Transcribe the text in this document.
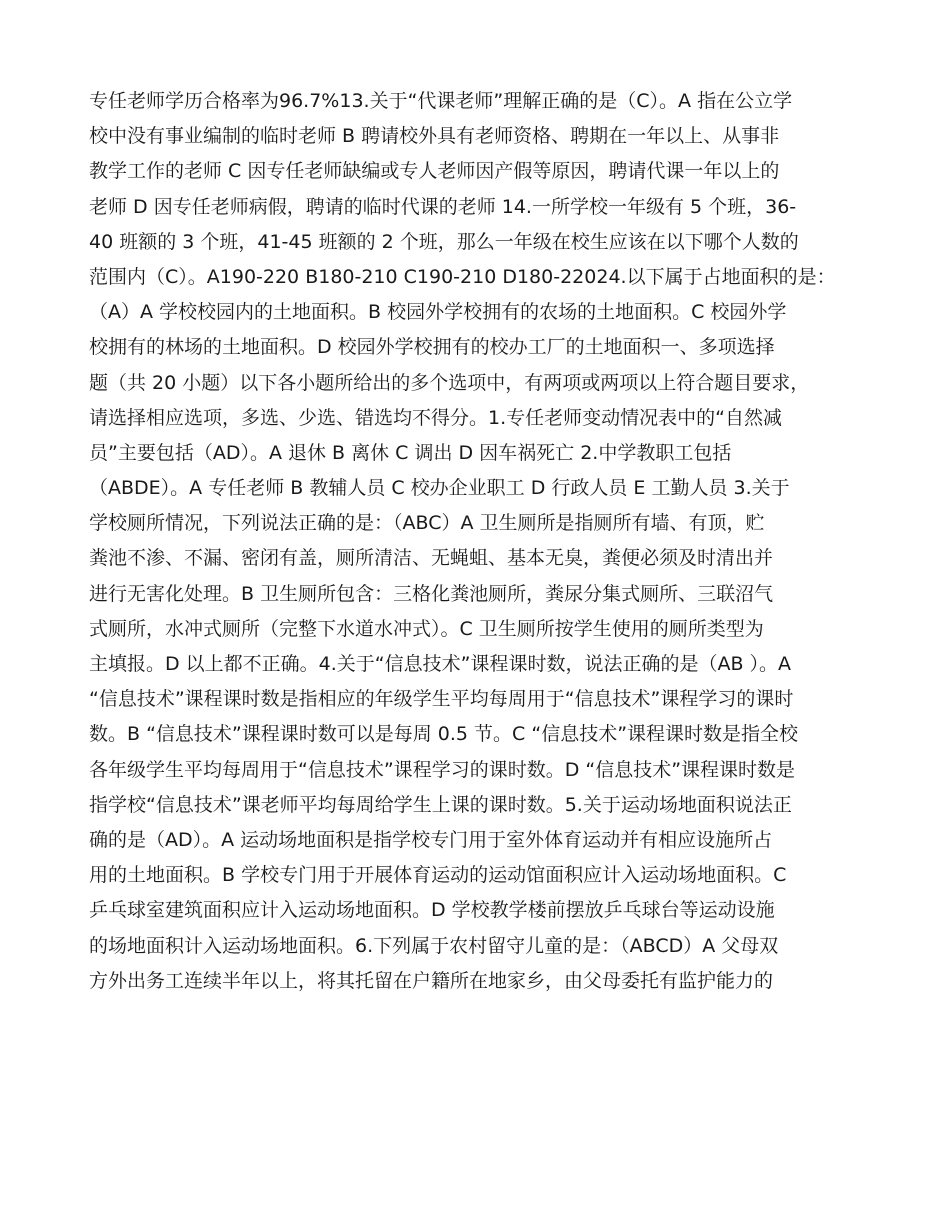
专任老师学历合格率为96.7%13.关于“代课老师”理解正确的是（C）。A 指在公立学
校中没有事业编制的临时老师 B 聘请校外具有老师资格、聘期在一年以上、从事非
教学工作的老师 C 因专任老师缺编或专人老师因产假等原因，聘请代课一年以上的
老师 D 因专任老师病假，聘请的临时代课的老师 14.一所学校一年级有 5 个班，36-
40 班额的 3 个班，41-45 班额的 2 个班，那么一年级在校生应该在以下哪个人数的
范围内（C）。A190-220 B180-210 C190-210 D180-22024.以下属于占地面积的是：
（A）A 学校校园内的土地面积。B 校园外学校拥有的农场的土地面积。C 校园外学
校拥有的林场的土地面积。D 校园外学校拥有的校办工厂的土地面积一、多项选择
题（共 20 小题）以下各小题所给出的多个选项中，有两项或两项以上符合题目要求，
请选择相应选项，多选、少选、错选均不得分。1.专任老师变动情况表中的“自然减
员”主要包括（AD）。A 退休 B 离休 C 调出 D 因车祸死亡 2.中学教职工包括
（ABDE）。A 专任老师 B 教辅人员 C 校办企业职工 D 行政人员 E 工勤人员 3.关于
学校厕所情况，下列说法正确的是：（ABC）A 卫生厕所是指厕所有墙、有顶，贮
粪池不渗、不漏、密闭有盖，厕所清洁、无蝇蛆、基本无臭，粪便必须及时清出并
进行无害化处理。B 卫生厕所包含：三格化粪池厕所，粪尿分集式厕所、三联沼气
式厕所，水冲式厕所（完整下水道水冲式）。C 卫生厕所按学生使用的厕所类型为
主填报。D 以上都不正确。4.关于“信息技术”课程课时数，说法正确的是（AB ）。A
“信息技术”课程课时数是指相应的年级学生平均每周用于“信息技术”课程学习的课时
数。B “信息技术”课程课时数可以是每周 0.5 节。C “信息技术”课程课时数是指全校
各年级学生平均每周用于“信息技术”课程学习的课时数。D “信息技术”课程课时数是
指学校“信息技术”课老师平均每周给学生上课的课时数。5.关于运动场地面积说法正
确的是（AD）。A 运动场地面积是指学校专门用于室外体育运动并有相应设施所占
用的土地面积。B 学校专门用于开展体育运动的运动馆面积应计入运动场地面积。C
乒乓球室建筑面积应计入运动场地面积。D 学校教学楼前摆放乒乓球台等运动设施
的场地面积计入运动场地面积。6.下列属于农村留守儿童的是：（ABCD）A 父母双
方外出务工连续半年以上，将其托留在户籍所在地家乡，由父母委托有监护能力的
